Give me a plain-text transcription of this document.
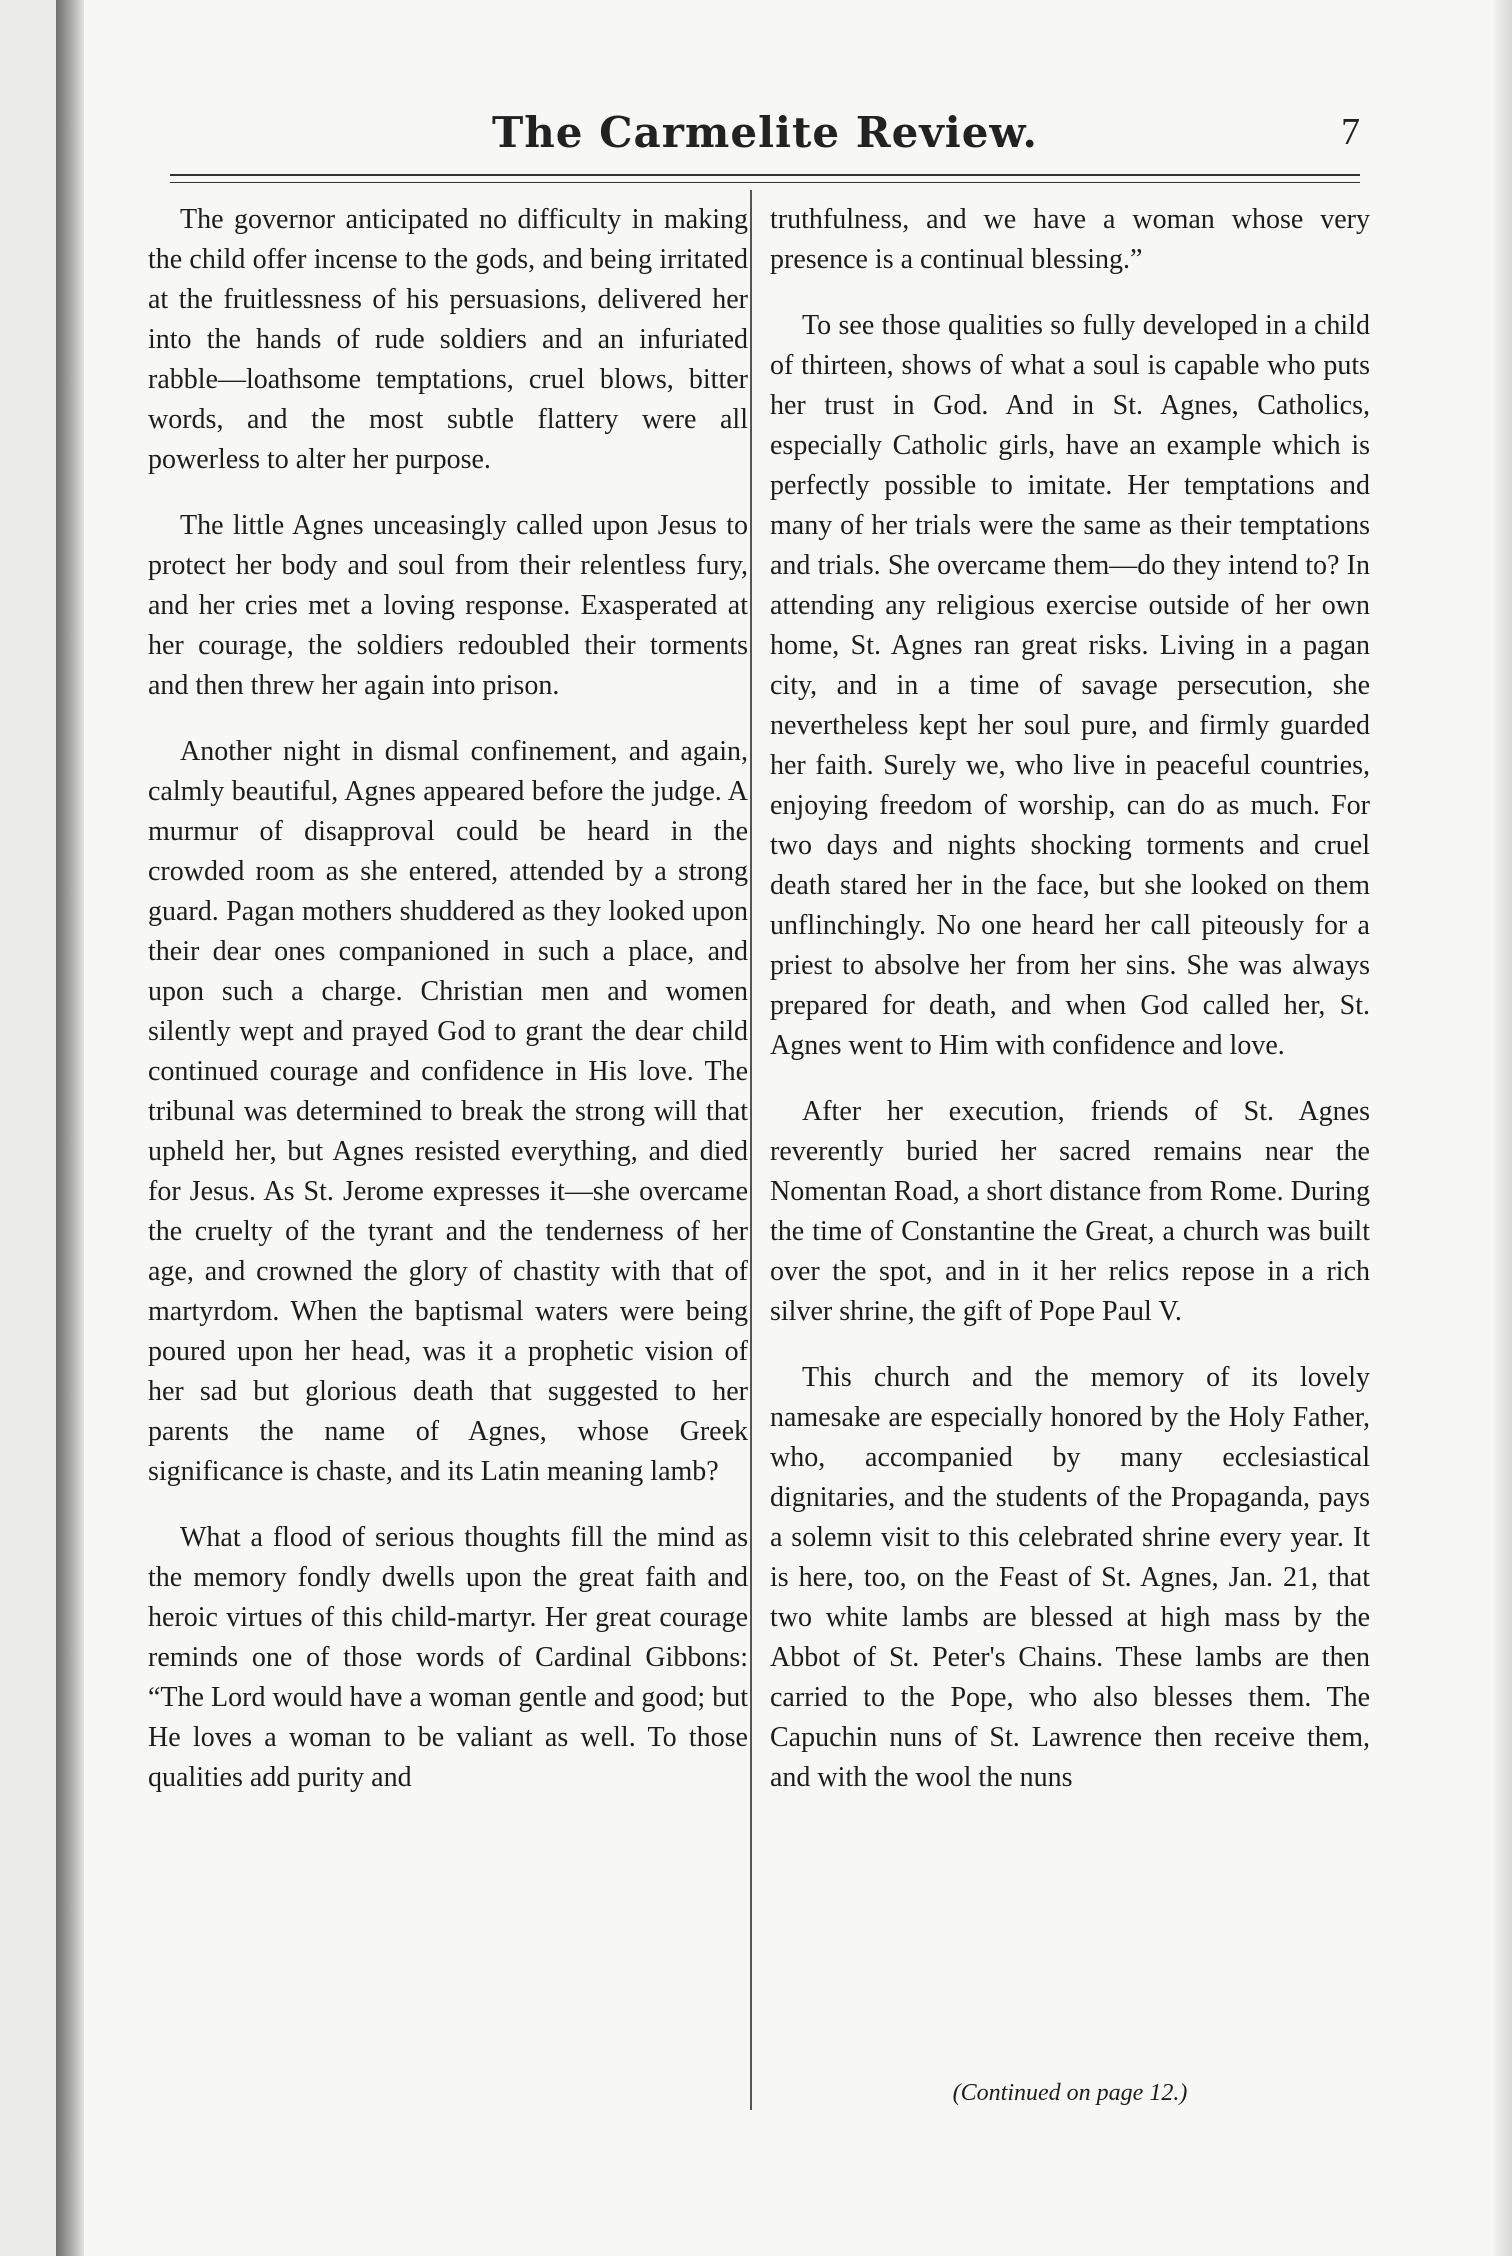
The Carmelite Review.	7

The governor anticipated no difficulty in making the child offer incense to the gods, and being irritated at the fruitlessness of his persuasions, delivered her into the hands of rude soldiers and an infuriated rabble—loathsome temptations, cruel blows, bitter words, and the most subtle flattery were all powerless to alter her purpose.

The little Agnes unceasingly called upon Jesus to protect her body and soul from their relentless fury, and her cries met a loving response. Exasperated at her courage, the soldiers redoubled their torments and then threw her again into prison.

Another night in dismal confinement, and again, calmly beautiful, Agnes appeared before the judge. A murmur of disapproval could be heard in the crowded room as she entered, attended by a strong guard. Pagan mothers shuddered as they looked upon their dear ones companioned in such a place, and upon such a charge. Christian men and women silently wept and prayed God to grant the dear child continued courage and confidence in His love. The tribunal was determined to break the strong will that upheld her, but Agnes resisted everything, and died for Jesus. As St. Jerome expresses it—she overcame the cruelty of the tyrant and the tenderness of her age, and crowned the glory of chastity with that of martyrdom. When the baptismal waters were being poured upon her head, was it a prophetic vision of her sad but glorious death that suggested to her parents the name of Agnes, whose Greek significance is chaste, and its Latin meaning lamb?

What a flood of serious thoughts fill the mind as the memory fondly dwells upon the great faith and heroic virtues of this child-martyr. Her great courage reminds one of those words of Cardinal Gibbons: “The Lord would have a woman gentle and good; but He loves a woman to be valiant as well. To those qualities add purity and

truthfulness, and we have a woman whose very presence is a continual blessing.”

To see those qualities so fully developed in a child of thirteen, shows of what a soul is capable who puts her trust in God. And in St. Agnes, Catholics, especially Catholic girls, have an example which is perfectly possible to imitate. Her temptations and many of her trials were the same as their temptations and trials. She overcame them—do they intend to? In attending any religious exercise outside of her own home, St. Agnes ran great risks. Living in a pagan city, and in a time of savage persecution, she nevertheless kept her soul pure, and firmly guarded her faith. Surely we, who live in peaceful countries, enjoying freedom of worship, can do as much. For two days and nights shocking torments and cruel death stared her in the face, but she looked on them unflinchingly. No one heard her call piteously for a priest to absolve her from her sins. She was always prepared for death, and when God called her, St. Agnes went to Him with confidence and love.

After her execution, friends of St. Agnes reverently buried her sacred remains near the Nomentan Road, a short distance from Rome. During the time of Constantine the Great, a church was built over the spot, and in it her relics repose in a rich silver shrine, the gift of Pope Paul V.

This church and the memory of its lovely namesake are especially honored by the Holy Father, who, accompanied by many ecclesiastical dignitaries, and the students of the Propaganda, pays a solemn visit to this celebrated shrine every year. It is here, too, on the Feast of St. Agnes, Jan. 21, that two white lambs are blessed at high mass by the Abbot of St. Peter's Chains. These lambs are then carried to the Pope, who also blesses them. The Capuchin nuns of St. Lawrence then receive them, and with the wool the nuns

(Continued on page 12.)
